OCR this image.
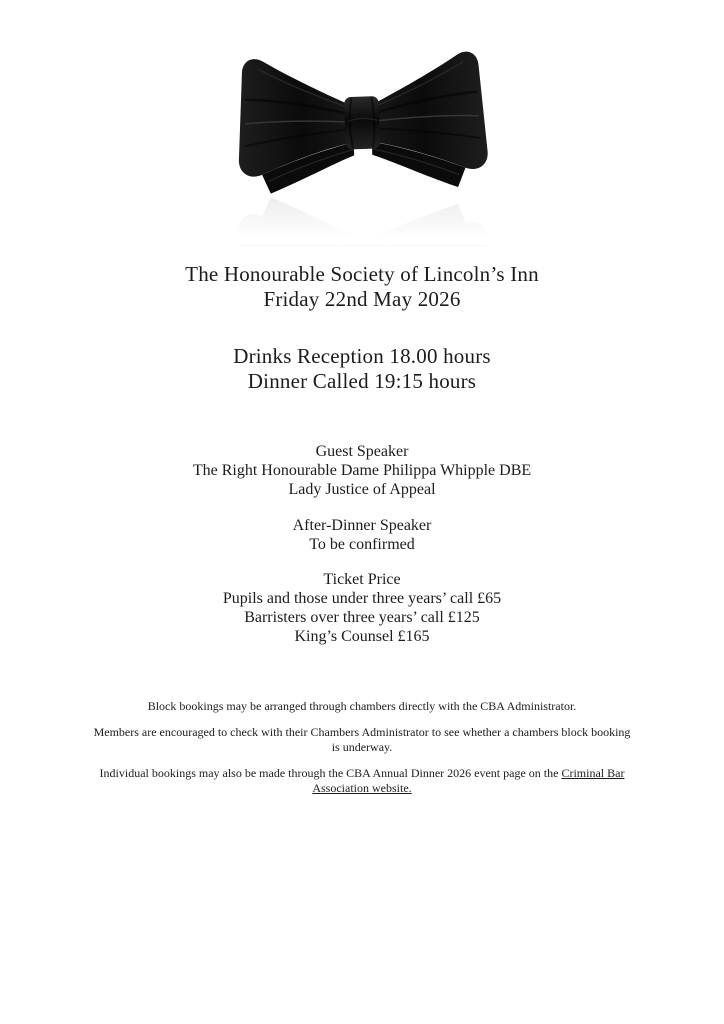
The Honourable Society of Lincoln’s Inn
Friday 22nd May 2026
Drinks Reception 18.00 hours
Dinner Called 19:15 hours
Guest Speaker
The Right Honourable Dame Philippa Whipple DBE
Lady Justice of Appeal
After-Dinner Speaker
To be confirmed
Ticket Price
Pupils and those under three years’ call £65
Barristers over three years’ call £125
King’s Counsel £165

Block bookings may be arranged through chambers directly with the CBA Administrator.

Members are encouraged to check with their Chambers Administrator to see whether a chambers block booking is underway.

Individual bookings may also be made through the CBA Annual Dinner 2026 event page on the Criminal Bar Association website.
